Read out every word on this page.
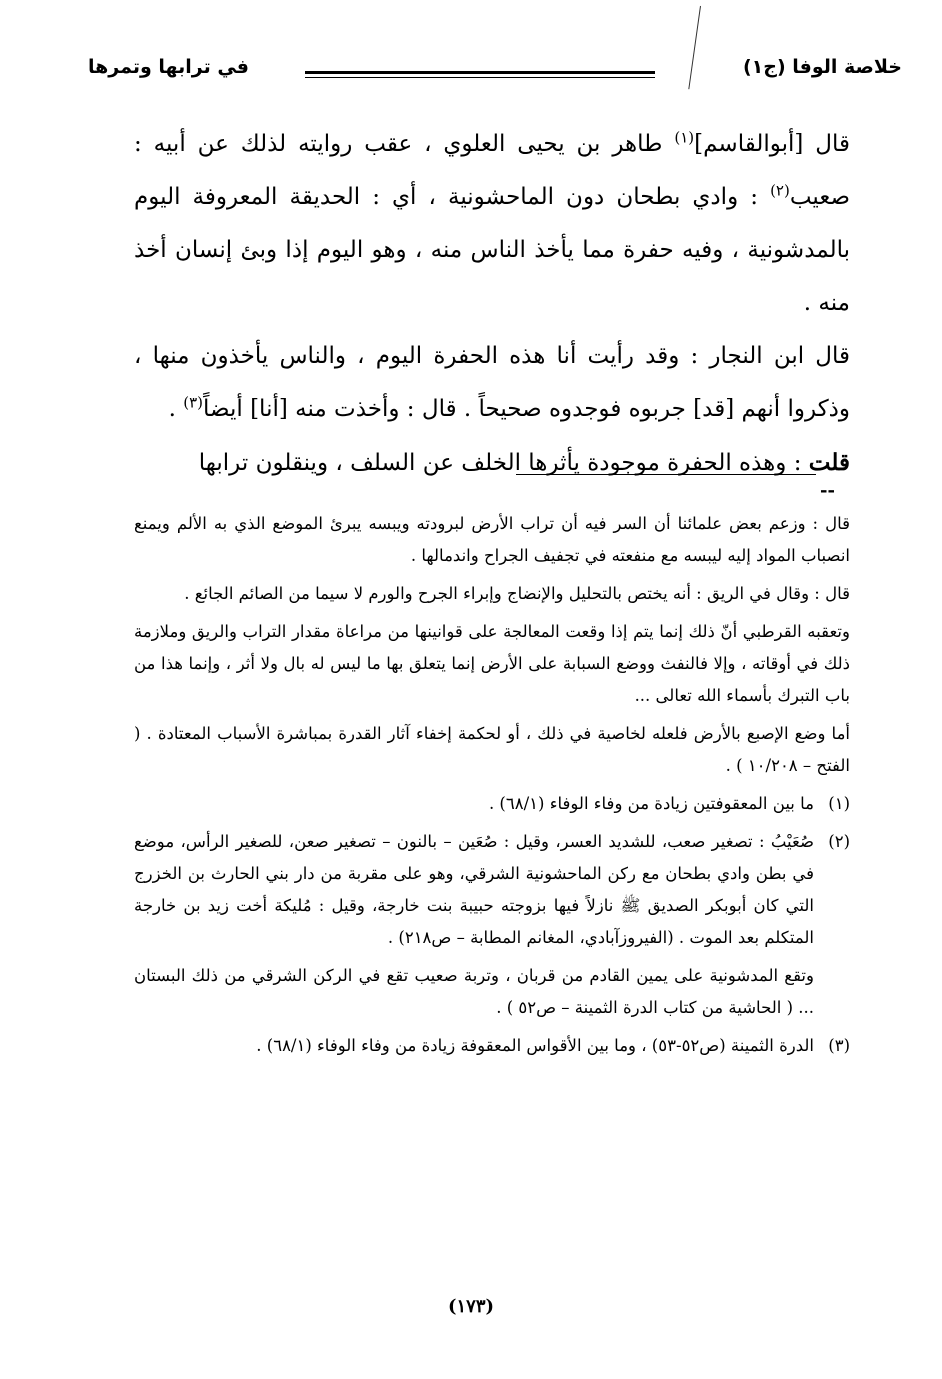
خلاصة الوفا (ج١)
في ترابها وتمرها

قال [أبوالقاسم]$^{(١)}$ طاهر بن يحيى العلوي ، عقب روايته لذلك عن أبيه : صعيب$^{(٢)}$ : وادي بطحان دون الماحشونية ، أي : الحديقة المعروفة اليوم بالمدشونية ، وفيه حفرة مما يأخذ الناس منه ، وهو اليوم إذا وبئ إنسان أخذ منه .

قال ابن النجار : وقد رأيت أنا هذه الحفرة اليوم ، والناس يأخذون منها ، وذكروا أنهم [قد] جربوه فوجدوه صحيحاً . قال : وأخذت منه [أنا] أيضاً$^{(٣)}$ .

قلت : وهذه الحفرة موجودة يأثرها الخلف عن السلف ، وينقلون ترابها

--

قال : وزعم بعض علمائنا أن السر فيه أن تراب الأرض لبرودته ويبسه يبرئ الموضع الذي به الألم ويمنع انصباب المواد إليه ليبسه مع منفعته في تجفيف الجراح واندمالها .

قال : وقال في الريق : أنه يختص بالتحليل والإنضاج وإبراء الجرح والورم لا سيما من الصائم الجائع .

وتعقبه القرطبي أنّ ذلك إنما يتم إذا وقعت المعالجة على قوانينها من مراعاة مقدار التراب والريق وملازمة ذلك في أوقاته ، وإلا فالنفث ووضع السبابة على الأرض إنما يتعلق بها ما ليس له بال ولا أثر ، وإنما هذا من باب التبرك بأسماء الله تعالى ...

أما وضع الإصبع بالأرض فلعله لخاصية في ذلك ، أو لحكمة إخفاء آثار القدرة بمباشرة الأسباب المعتادة . ( الفتح – ١٠/٢٠٨ ) .

(١)
ما بين المعقوفتين زيادة من وفاء الوفاء (٦٨/١) .
(٢)
صُعَيْبُ : تصغير صعب، للشديد العسر، وقيل : صُعَين – بالنون – تصغير صعن، للصغير الرأس، موضع في بطن وادي بطحان مع ركن الماحشونية الشرقي، وهو على مقربة من دار بني الحارث بن الخزرج التي كان أبوبكر الصديق ﷺ نازلاً فيها بزوجته حبيبة بنت خارجة، وقيل : مُليكة أخت زيد بن خارجة المتكلم بعد الموت . (الفيروزآبادي، المغانم المطابة – ص٢١٨) .
وتقع المدشونية على يمين القادم من قربان ، وتربة صعيب تقع في الركن الشرقي من ذلك البستان ... ( الحاشية من كتاب الدرة الثمينة – ص٥٢ ) .
(٣)
الدرة الثمينة (ص٥٢-٥٣) ، وما بين الأقواس المعقوفة زيادة من وفاء الوفاء (٦٨/١) .
(١٧٣)
